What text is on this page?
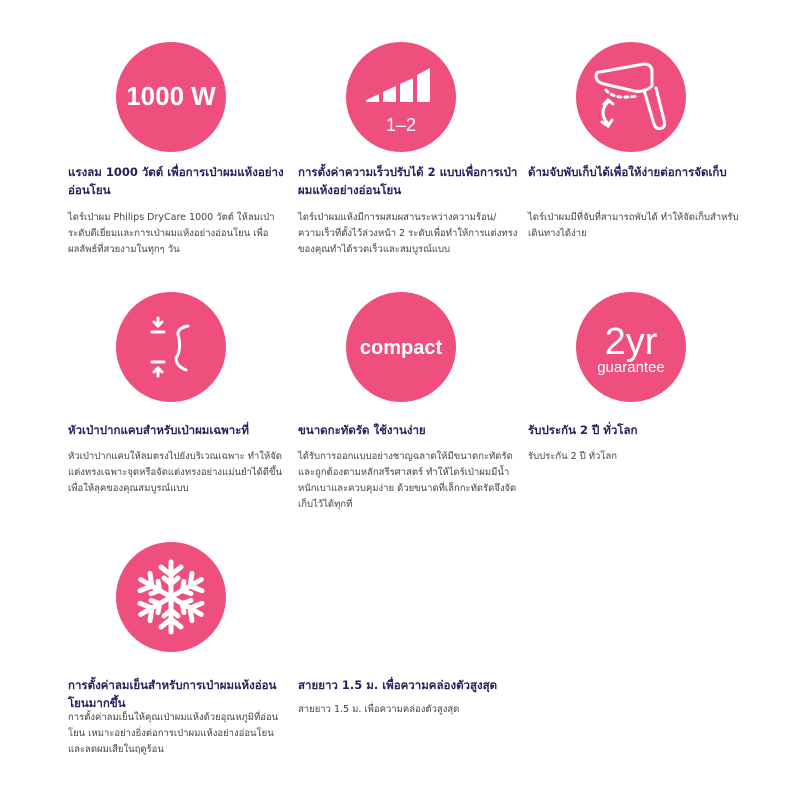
1000 W
แรงลม 1000 วัตต์ เพื่อการเป่าผมแห้งอย่างอ่อนโยน
ไดร์เป่าผม Philips DryCare 1000 วัตต์ ให้ลมเป่าระดับดีเยี่ยมและการเป่าผมแห้งอย่างอ่อนโยน เพื่อผลลัพธ์ที่สวยงามในทุกๆ วัน
1–2
การตั้งค่าความเร็วปรับได้ 2 แบบเพื่อการเป่าผมแห้งอย่างอ่อนโยน
ไดร์เป่าผมแห้งมีการผสมผสานระหว่างความร้อน/ความเร็วที่ตั้งไว้ล่วงหน้า 2 ระดับเพื่อทำให้การแต่งทรงของคุณทำได้รวดเร็วและสมบูรณ์แบบ
ด้ามจับพับเก็บได้เพื่อให้ง่ายต่อการจัดเก็บ
ไดร์เป่าผมมีที่จับที่สามารถพับได้ ทำให้จัดเก็บสำหรับเดินทางได้ง่าย
หัวเป่าปากแคบสำหรับเป่าผมเฉพาะที่
หัวเป่าปากแคบให้ลมตรงไปยังบริเวณเฉพาะ ทำให้จัดแต่งทรงเฉพาะจุดหรือจัดแต่งทรงอย่างแม่นยำได้ดีขึ้น เพื่อให้ลุคของคุณสมบูรณ์แบบ
compact
ขนาดกะทัดรัด ใช้งานง่าย
ได้รับการออกแบบอย่างชาญฉลาดให้มีขนาดกะทัดรัดและถูกต้องตามหลักสรีรศาสตร์ ทำให้ไดร์เป่าผมมีน้ำหนักเบาและควบคุมง่าย ด้วยขนาดที่เล็กกะทัดรัดจึงจัดเก็บไว้ได้ทุกที่
2yr
guarantee
รับประกัน 2 ปี ทั่วโลก
รับประกัน 2 ปี ทั่วโลก
การตั้งค่าลมเย็นสำหรับการเป่าผมแห้งอ่อนโยนมากขึ้น
การตั้งค่าลมเย็นให้คุณเป่าผมแห้งด้วยอุณหภูมิที่อ่อนโยน เหมาะอย่างยิ่งต่อการเป่าผมแห้งอย่างอ่อนโยนและลดผมเสียในฤดูร้อน
สายยาว 1.5 ม. เพื่อความคล่องตัวสูงสุด
สายยาว 1.5 ม. เพื่อความคล่องตัวสูงสุด
